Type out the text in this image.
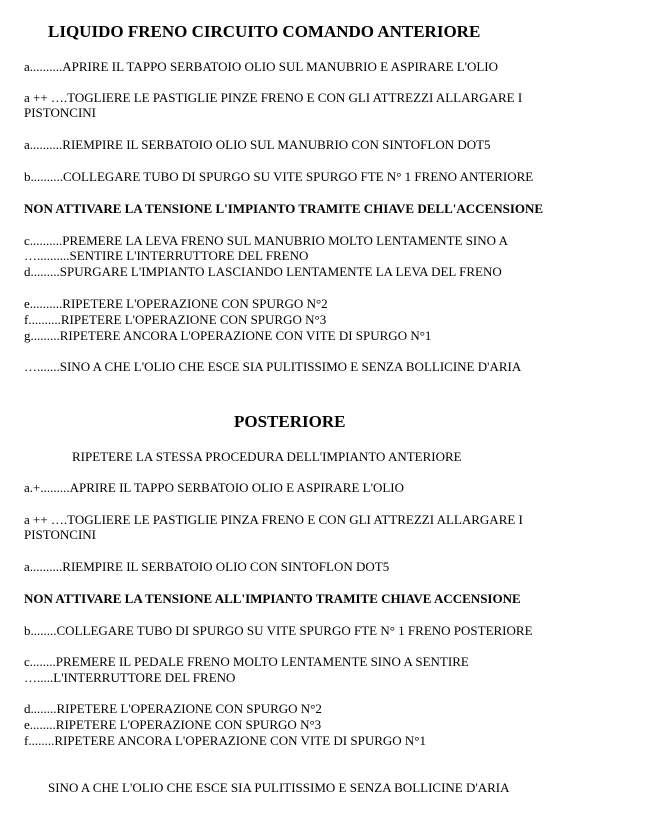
LIQUIDO FRENO CIRCUITO COMANDO ANTERIORE
a..........APRIRE IL TAPPO SERBATOIO OLIO SUL MANUBRIO E ASPIRARE L'OLIO
a ++ ….TOGLIERE LE PASTIGLIE PINZE FRENO E CON GLI ATTREZZI ALLARGARE I
PISTONCINI
a..........RIEMPIRE IL SERBATOIO OLIO SUL MANUBRIO CON SINTOFLON DOT5
b..........COLLEGARE TUBO DI SPURGO SU VITE SPURGO FTE N° 1 FRENO ANTERIORE
NON ATTIVARE LA TENSIONE L'IMPIANTO TRAMITE CHIAVE DELL'ACCENSIONE
c..........PREMERE LA LEVA FRENO SUL MANUBRIO MOLTO LENTAMENTE SINO A
…..........SENTIRE L'INTERRUTTORE DEL FRENO
d.........SPURGARE L'IMPIANTO LASCIANDO LENTAMENTE LA LEVA DEL FRENO
e..........RIPETERE L'OPERAZIONE CON SPURGO N°2
f..........RIPETERE L'OPERAZIONE CON SPURGO N°3
g.........RIPETERE ANCORA L'OPERAZIONE CON VITE DI SPURGO N°1
….......SINO A CHE L'OLIO CHE ESCE SIA PULITISSIMO E SENZA BOLLICINE D'ARIA
POSTERIORE
RIPETERE LA STESSA PROCEDURA DELL'IMPIANTO ANTERIORE
a.+.........APRIRE IL TAPPO SERBATOIO OLIO E ASPIRARE L'OLIO
a ++ ….TOGLIERE LE PASTIGLIE PINZA FRENO E CON GLI ATTREZZI ALLARGARE I
PISTONCINI
a..........RIEMPIRE IL SERBATOIO OLIO CON SINTOFLON DOT5
NON ATTIVARE LA TENSIONE ALL'IMPIANTO TRAMITE CHIAVE ACCENSIONE
b........COLLEGARE TUBO DI SPURGO SU VITE SPURGO FTE N° 1 FRENO POSTERIORE
c........PREMERE IL PEDALE FRENO MOLTO LENTAMENTE SINO A SENTIRE
….....L'INTERRUTTORE DEL FRENO
d........RIPETERE L'OPERAZIONE CON SPURGO N°2
e........RIPETERE L'OPERAZIONE CON SPURGO N°3
f........RIPETERE ANCORA L'OPERAZIONE CON VITE DI SPURGO N°1
SINO A CHE L'OLIO CHE ESCE SIA PULITISSIMO E SENZA BOLLICINE D'ARIA
